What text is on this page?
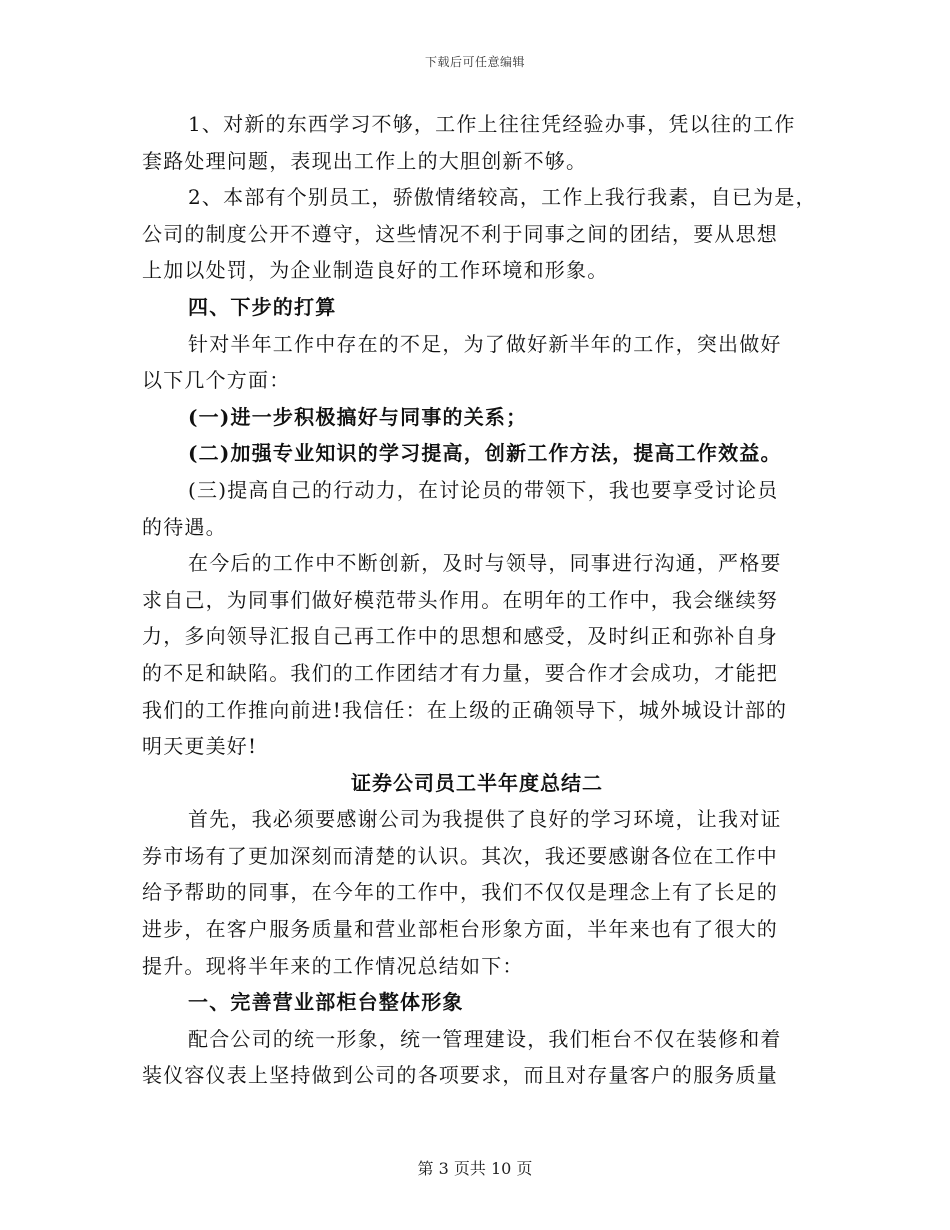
下载后可任意编辑
1、对新的东西学习不够，工作上往往凭经验办事，凭以往的工作
套路处理问题，表现出工作上的大胆创新不够。
2、本部有个别员工，骄傲情绪较高，工作上我行我素，自已为是，
公司的制度公开不遵守，这些情况不利于同事之间的团结，要从思想
上加以处罚，为企业制造良好的工作环境和形象。
四、下步的打算
针对半年工作中存在的不足，为了做好新半年的工作，突出做好
以下几个方面：
(一)进一步积极搞好与同事的关系；
(二)加强专业知识的学习提高，创新工作方法，提高工作效益。
(三)提高自己的行动力，在讨论员的带领下，我也要享受讨论员
的待遇。
在今后的工作中不断创新，及时与领导，同事进行沟通，严格要
求自己，为同事们做好模范带头作用。在明年的工作中，我会继续努
力，多向领导汇报自己再工作中的思想和感受，及时纠正和弥补自身
的不足和缺陷。我们的工作团结才有力量，要合作才会成功，才能把
我们的工作推向前进!我信任：在上级的正确领导下，城外城设计部的
明天更美好!
证券公司员工半年度总结二
首先，我必须要感谢公司为我提供了良好的学习环境，让我对证
券市场有了更加深刻而清楚的认识。其次，我还要感谢各位在工作中
给予帮助的同事，在今年的工作中，我们不仅仅是理念上有了长足的
进步，在客户服务质量和营业部柜台形象方面，半年来也有了很大的
提升。现将半年来的工作情况总结如下：
一、完善营业部柜台整体形象
配合公司的统一形象，统一管理建设，我们柜台不仅在装修和着
装仪容仪表上坚持做到公司的各项要求，而且对存量客户的服务质量
第 3 页共 10 页
